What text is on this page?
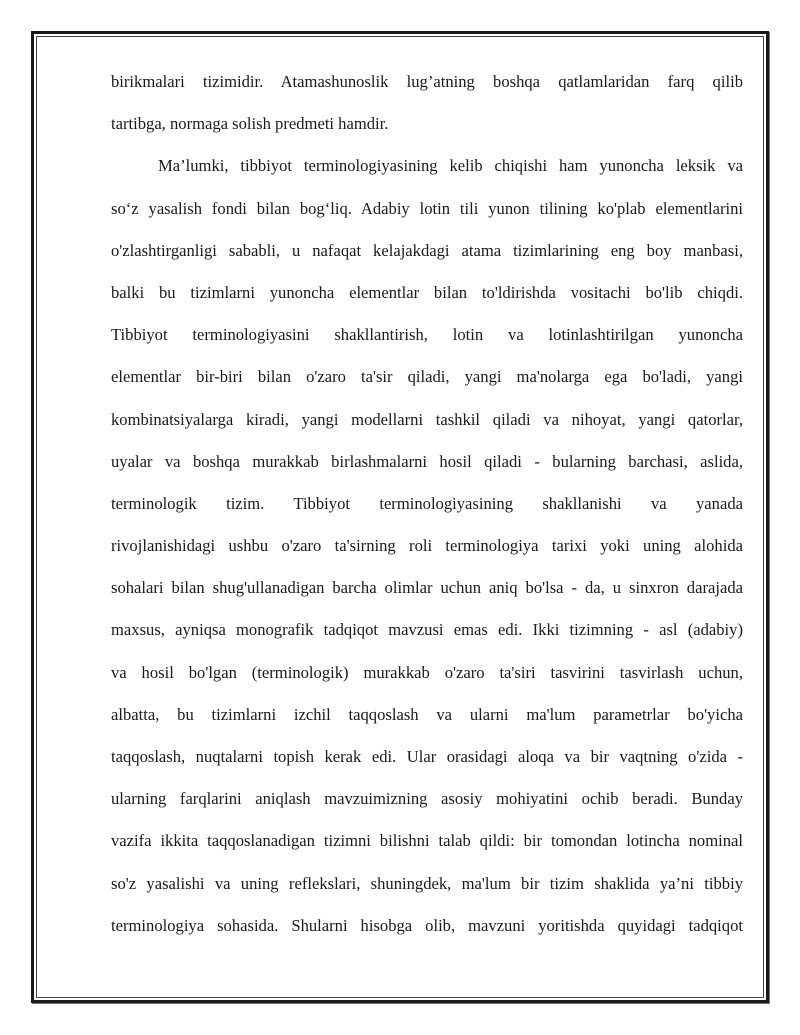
birikmalari tizimidir. Atamashunoslik lug’atning boshqa qatlamlaridan farq qilib
tartibga, normaga solish predmeti hamdir.
Ma’lumki, tibbiyot terminologiyasining kelib chiqishi ham yunoncha leksik va
so‘z yasalish fondi bilan bog‘liq. Adabiy lotin tili yunon tilining ko'plab elementlarini
o'zlashtirganligi sababli, u nafaqat kelajakdagi atama tizimlarining eng boy manbasi,
balki bu tizimlarni yunoncha elementlar bilan to'ldirishda vositachi bo'lib chiqdi.
Tibbiyot terminologiyasini shakllantirish, lotin va lotinlashtirilgan yunoncha
elementlar bir-biri bilan o'zaro ta'sir qiladi, yangi ma'nolarga ega bo'ladi, yangi
kombinatsiyalarga kiradi, yangi modellarni tashkil qiladi va nihoyat, yangi qatorlar,
uyalar va boshqa murakkab birlashmalarni hosil qiladi - bularning barchasi, aslida,
terminologik tizim. Tibbiyot terminologiyasining shakllanishi va yanada
rivojlanishidagi ushbu o'zaro ta'sirning roli terminologiya tarixi yoki uning alohida
sohalari bilan shug'ullanadigan barcha olimlar uchun aniq bo'lsa - da, u sinxron darajada
maxsus, ayniqsa monografik tadqiqot mavzusi emas edi. Ikki tizimning - asl (adabiy)
va hosil bo'lgan (terminologik) murakkab o'zaro ta'siri tasvirini tasvirlash uchun,
albatta, bu tizimlarni izchil taqqoslash va ularni ma'lum parametrlar bo'yicha
taqqoslash, nuqtalarni topish kerak edi. Ular orasidagi aloqa va bir vaqtning o'zida -
ularning farqlarini aniqlash mavzuimizning asosiy mohiyatini ochib beradi. Bunday
vazifa ikkita taqqoslanadigan tizimni bilishni talab qildi: bir tomondan lotincha nominal
so'z yasalishi va uning reflekslari, shuningdek, ma'lum bir tizim shaklida ya’ni tibbiy
terminologiya sohasida. Shularni hisobga olib, mavzuni yoritishda quyidagi tadqiqot
